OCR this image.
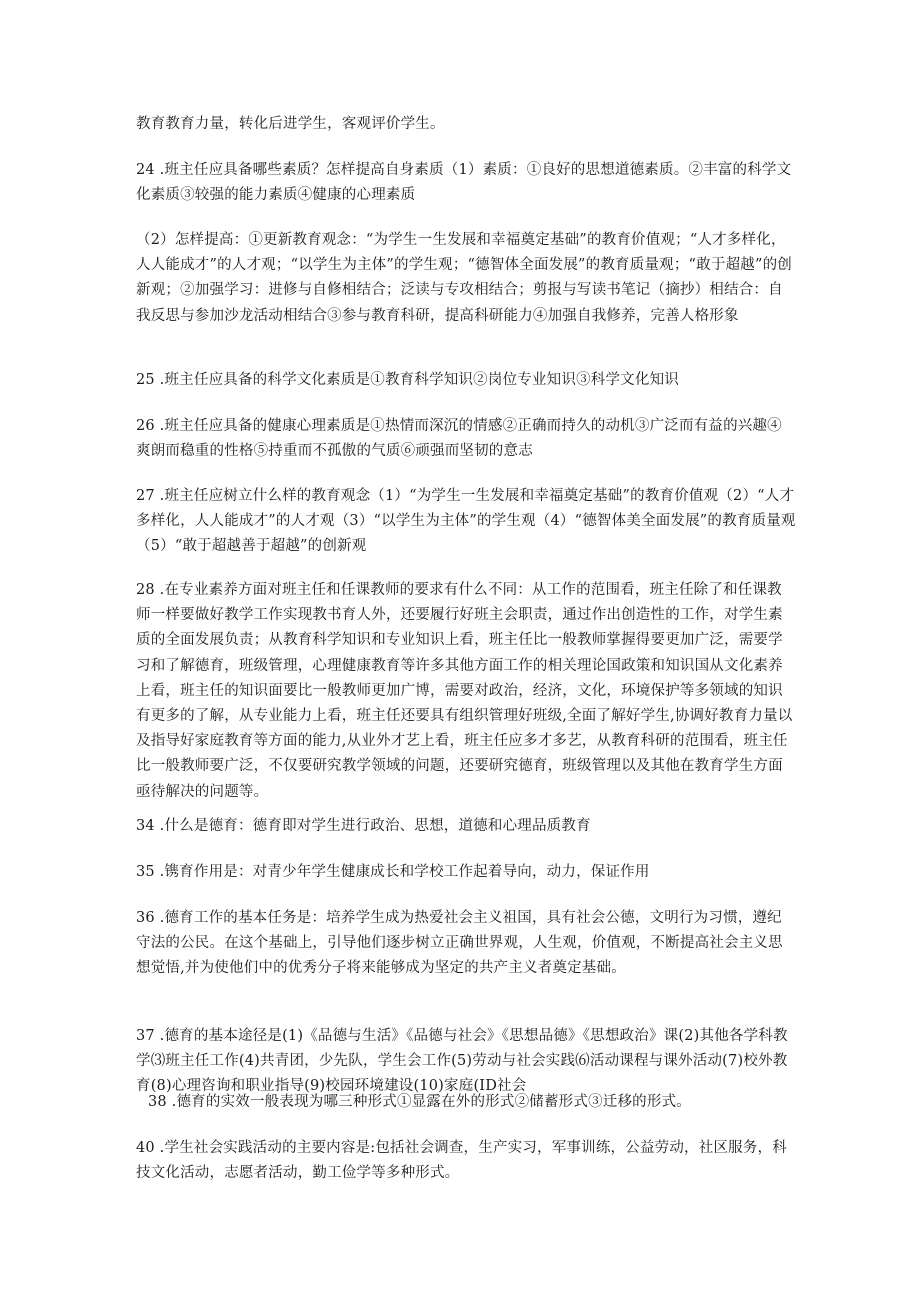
教育教育力量，转化后进学生，客观评价学生。

24 .班主任应具备哪些素质？怎样提高自身素质（1）素质：①良好的思想道德素质。②丰富的科学文化素质③较强的能力素质④健康的心理素质

（2）怎样提高：①更新教育观念：“为学生一生发展和幸福奠定基础”的教育价值观；“人才多样化，人人能成才”的人才观；“以学生为主体”的学生观；“德智体全面发展”的教育质量观；“敢于超越”的创新观；②加强学习：进修与自修相结合；泛读与专攻相结合；剪报与写读书笔记（摘抄）相结合：自我反思与参加沙龙活动相结合③参与教育科研，提高科研能力④加强自我修养，完善人格形象

25 .班主任应具备的科学文化素质是①教育科学知识②岗位专业知识③科学文化知识

26 .班主任应具备的健康心理素质是①热情而深沉的情感②正确而持久的动机③广泛而有益的兴趣④爽朗而稳重的性格⑤持重而不孤傲的气质⑥顽强而坚韧的意志

27 .班主任应树立什么样的教育观念（1）“为学生一生发展和幸福奠定基础”的教育价值观（2）“人才多样化，人人能成才”的人才观（3）“以学生为主体”的学生观（4）“德智体美全面发展”的教育质量观（5）“敢于超越善于超越”的创新观

28 .在专业素养方面对班主任和任课教师的要求有什么不同：从工作的范围看，班主任除了和任课教师一样要做好教学工作实现教书育人外，还要履行好班主会职责，通过作出创造性的工作，对学生素质的全面发展负责；从教育科学知识和专业知识上看，班主任比一般教师掌握得要更加广泛，需要学习和了解德育，班级管理，心理健康教育等许多其他方面工作的相关理论国政策和知识国从文化素养上看，班主任的知识面要比一般教师更加广博，需要对政治，经济，文化，环境保护等多领域的知识有更多的了解，从专业能力上看，班主任还要具有组织管理好班级,全面了解好学生,协调好教育力量以及指导好家庭教育等方面的能力,从业外才艺上看，班主任应多才多艺，从教育科研的范围看，班主任比一般教师要广泛，不仅要研究教学领域的问题，还要研究德育，班级管理以及其他在教育学生方面亟待解决的问题等。

34 .什么是德育：德育即对学生进行政治、思想，道德和心理品质教育

35 .镌育作用是：对青少年学生健康成长和学校工作起着导向，动力，保证作用

36 .德育工作的基本任务是：培养学生成为热爱社会主义祖国，具有社会公德，文明行为习惯，遵纪守法的公民。在这个基础上，引导他们逐步树立正确世界观，人生观，价值观，不断提高社会主义思想觉悟,并为使他们中的优秀分子将来能够成为坚定的共产主义者奠定基础。

37 .德育的基本途径是(1)《品德与生活》《品德与社会》《思想品德》《思想政治》课(2)其他各学科教学⑶班主任工作(4)共青团，少先队，学生会工作(5)劳动与社会实践⑹活动课程与课外活动(7)校外教育(8)心理咨询和职业指导(9)校园环境建设(10)家庭(ID社会

38 .德育的实效一般表现为哪三种形式①显露在外的形式②储蓄形式③迁移的形式。

40 .学生社会实践活动的主要内容是:包括社会调查，生产实习，军事训练，公益劳动，社区服务，科技文化活动，志愿者活动，勤工俭学等多种形式。
